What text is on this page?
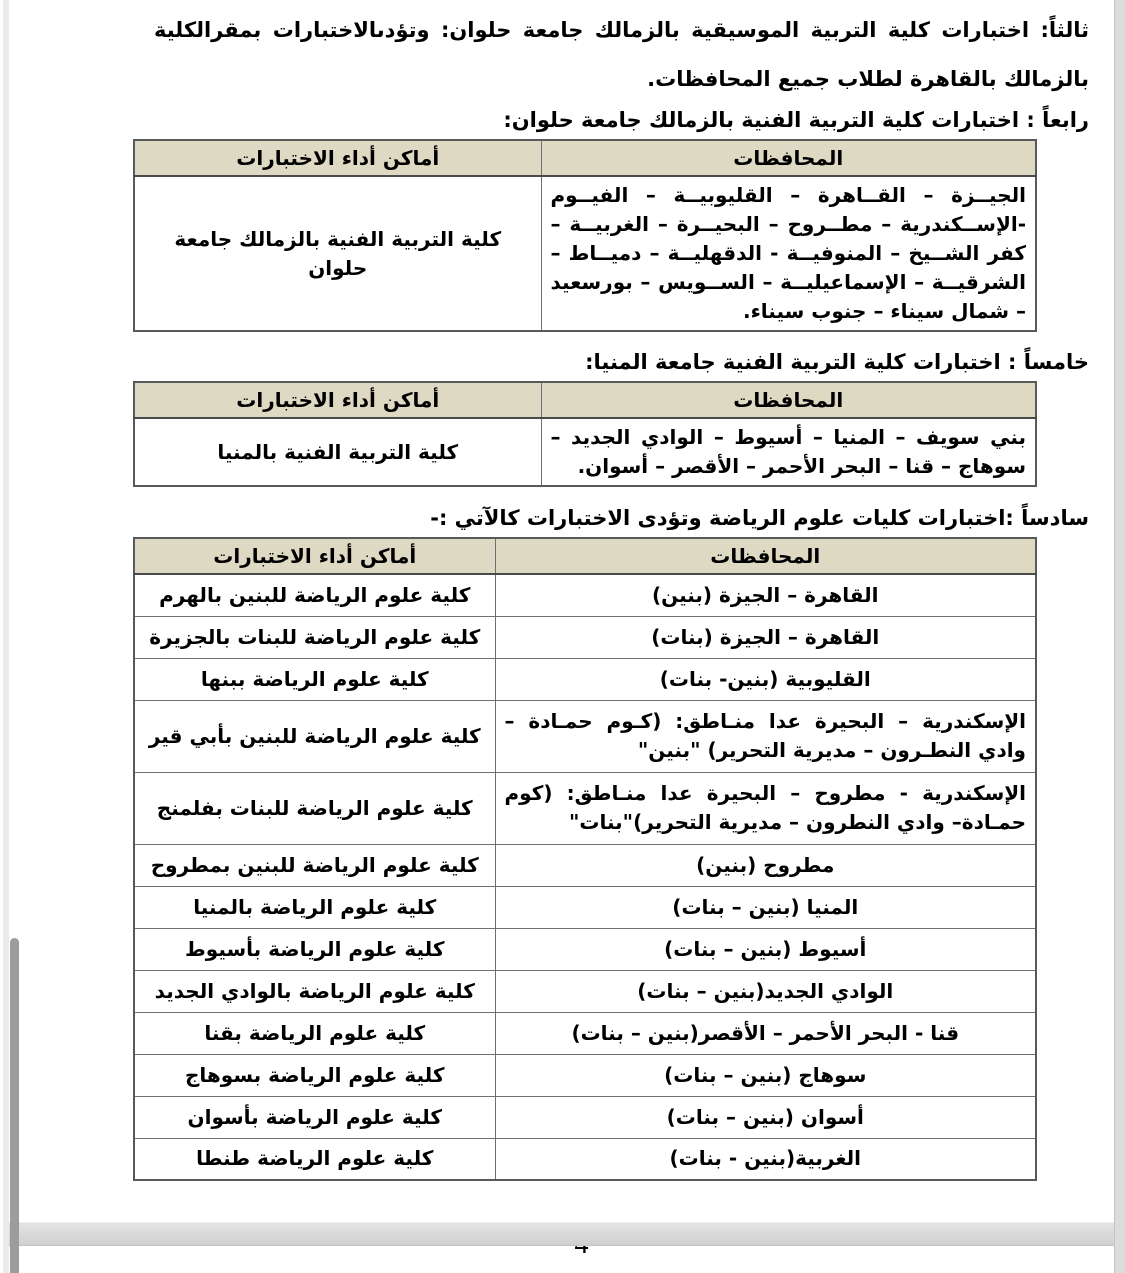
ثالثاً: اختبارات كلية التربية الموسيقية بالزمالك جامعة حلوان: وتؤدىالاختبارات بمقرالكلية بالزمالك بالقاهرة لطلاب جميع المحافظات.

رابعاً : اختبارات كلية التربية الفنية بالزمالك جامعة حلوان:
المحافظات	أماكن أداء الاختبارات
الجيــزة – القــاهرة – القليوبيــة – الفيــوم -الإســكندرية – مطــروح – البحيــرة – الغربيــة – كفر الشــيخ – المنوفيــة - الدقهليــة – دميــاط – الشرقيــة – الإسماعيليــة – الســويس – بورسعيد – شمال سيناء – جنوب سيناء.	كلية التربية الفنية بالزمالك جامعة حلوان
خامساً : اختبارات كلية التربية الفنية جامعة المنيا:
المحافظات	أماكن أداء الاختبارات
بني سويف – المنيا – أسيوط – الوادي الجديد – سوهاج – قنا – البحر الأحمر – الأقصر – أسوان.	كلية التربية الفنية بالمنيا
سادساً :اختبارات كليات علوم الرياضة وتؤدى الاختبارات كالآتي :-
المحافظات	أماكن أداء الاختبارات
القاهرة – الجيزة (بنين)	كلية علوم الرياضة للبنين بالهرم
القاهرة – الجيزة (بنات)	كلية علوم الرياضة للبنات بالجزيرة
القليوبية (بنين- بنات)	كلية علوم الرياضة ببنها
الإسكندرية – البحيرة عدا منـاطق: (كـوم حمـادة – وادي النطـرون – مديرية التحرير) "بنين"	كلية علوم الرياضة للبنين بأبي قير
الإسكندرية - مطروح – البحيرة عدا منـاطق: (كوم حمـادة– وادي النطرون – مديرية التحرير)"بنات"	كلية علوم الرياضة للبنات بفلمنج
مطروح (بنين)	كلية علوم الرياضة للبنين بمطروح
المنيا (بنين – بنات)	كلية علوم الرياضة بالمنيا
أسيوط (بنين – بنات)	كلية علوم الرياضة بأسيوط
الوادي الجديد(بنين – بنات)	كلية علوم الرياضة بالوادي الجديد
قنا - البحر الأحمر – الأقصر(بنين – بنات)	كلية علوم الرياضة بقنا
سوهاج (بنين – بنات)	كلية علوم الرياضة بسوهاج
أسوان (بنين – بنات)	كلية علوم الرياضة بأسوان
الغربية(بنين - بنات)	كلية علوم الرياضة طنطا
